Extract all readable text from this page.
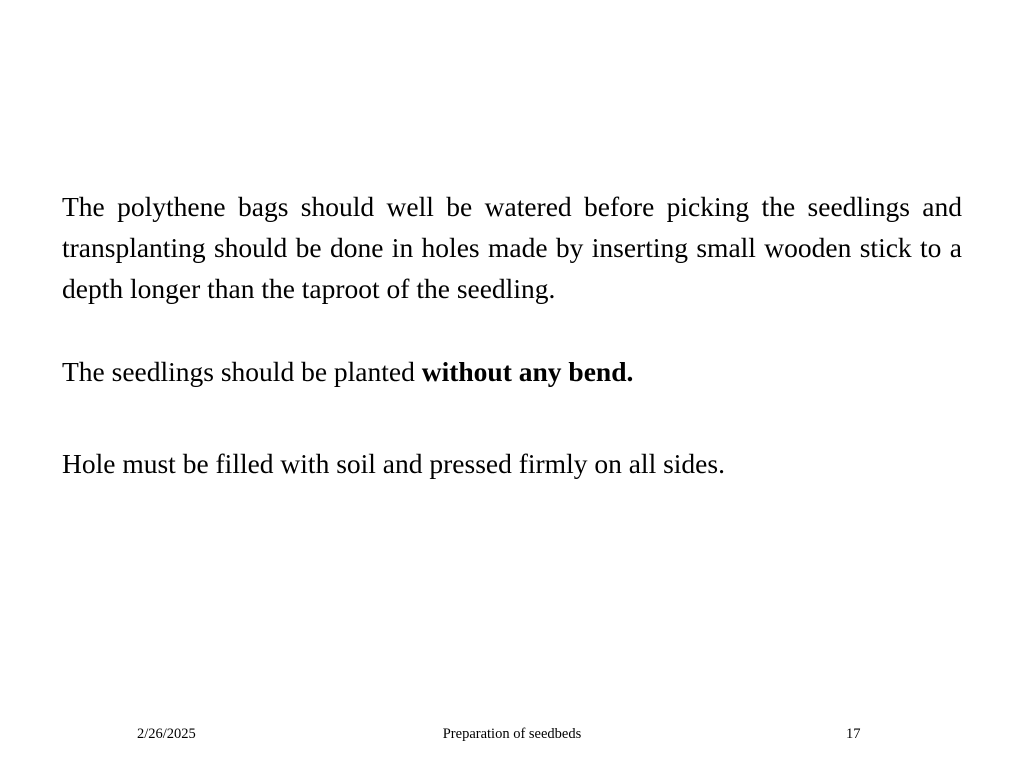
The polythene bags should well be watered before picking the seedlings and transplanting should be done in holes made by inserting small wooden stick to a depth longer than the taproot of the seedling.

The seedlings should be planted without any bend.

Hole must be filled with soil and pressed firmly on all sides.

Preparation of seedbeds
2/26/2025	17
